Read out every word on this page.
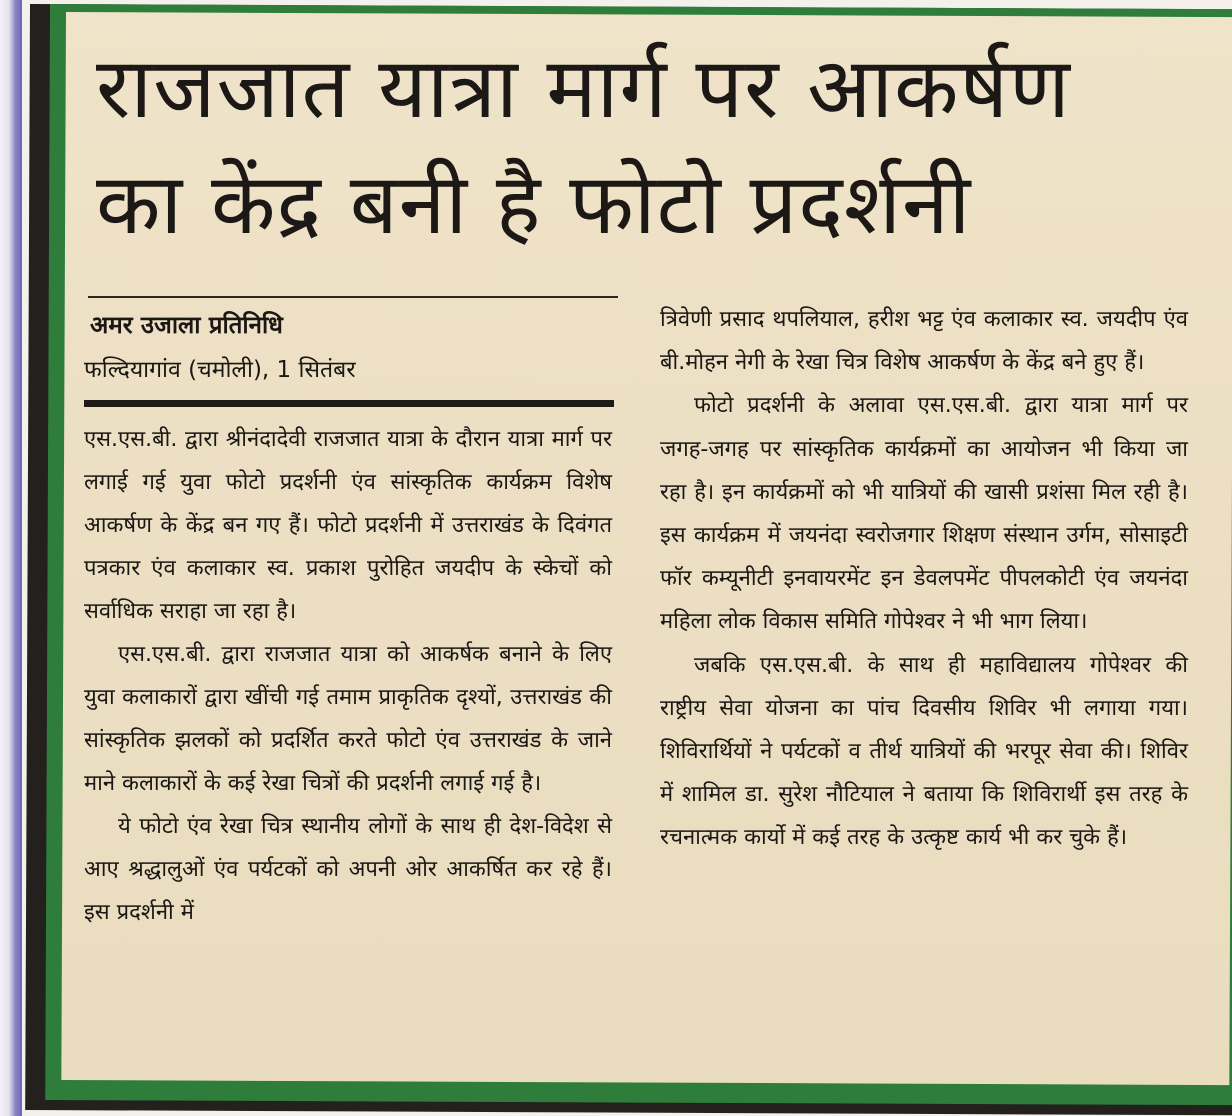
राजजात यात्रा मार्ग पर आकर्षण
का केंद्र बनी है फोटो प्रदर्शनी

अमर उजाला प्रतिनिधि

फल्दियागांव (चमोली), 1 सितंबर

एस.एस.बी. द्वारा श्रीनंदादेवी राजजात यात्रा के दौरान यात्रा मार्ग पर लगाई गई युवा फोटो प्रदर्शनी एंव सांस्कृतिक कार्यक्रम विशेष आकर्षण के केंद्र बन गए हैं। फोटो प्रदर्शनी में उत्तराखंड के दिवंगत पत्रकार एंव कलाकार स्व. प्रकाश पुरोहित जयदीप के स्केचों को सर्वाधिक सराहा जा रहा है।

एस.एस.बी. द्वारा राजजात यात्रा को आकर्षक बनाने के लिए युवा कलाकारों द्वारा खींची गई तमाम प्राकृतिक दृश्यों, उत्तराखंड की सांस्कृतिक झलकों को प्रदर्शित करते फोटो एंव उत्तराखंड के जाने माने कलाकारों के कई रेखा चित्रों की प्रदर्शनी लगाई गई है।

ये फोटो एंव रेखा चित्र स्थानीय लोगों के साथ ही देश-विदेश से आए श्रद्धालुओं एंव पर्यटकों को अपनी ओर आकर्षित कर रहे हैं। इस प्रदर्शनी में

त्रिवेणी प्रसाद थपलियाल, हरीश भट्ट एंव कलाकार स्व. जयदीप एंव बी.मोहन नेगी के रेखा चित्र विशेष आकर्षण के केंद्र बने हुए हैं।

फोटो प्रदर्शनी के अलावा एस.एस.बी. द्वारा यात्रा मार्ग पर जगह-जगह पर सांस्कृतिक कार्यक्रमों का आयोजन भी किया जा रहा है। इन कार्यक्रमों को भी यात्रियों की खासी प्रशंसा मिल रही है। इस कार्यक्रम में जयनंदा स्वरोजगार शिक्षण संस्थान उर्गम, सोसाइटी फॉर कम्यूनीटी इनवायरमेंट इन डेवलपमेंट पीपलकोटी एंव जयनंदा महिला लोक विकास समिति गोपेश्वर ने भी भाग लिया।

जबकि एस.एस.बी. के साथ ही महाविद्यालय गोपेश्वर की राष्ट्रीय सेवा योजना का पांच दिवसीय शिविर भी लगाया गया। शिविरार्थियों ने पर्यटकों व तीर्थ यात्रियों की भरपूर सेवा की। शिविर में शामिल डा. सुरेश नौटियाल ने बताया कि शिविरार्थी इस तरह के रचनात्मक कार्यो में कई तरह के उत्कृष्ट कार्य भी कर चुके हैं।
